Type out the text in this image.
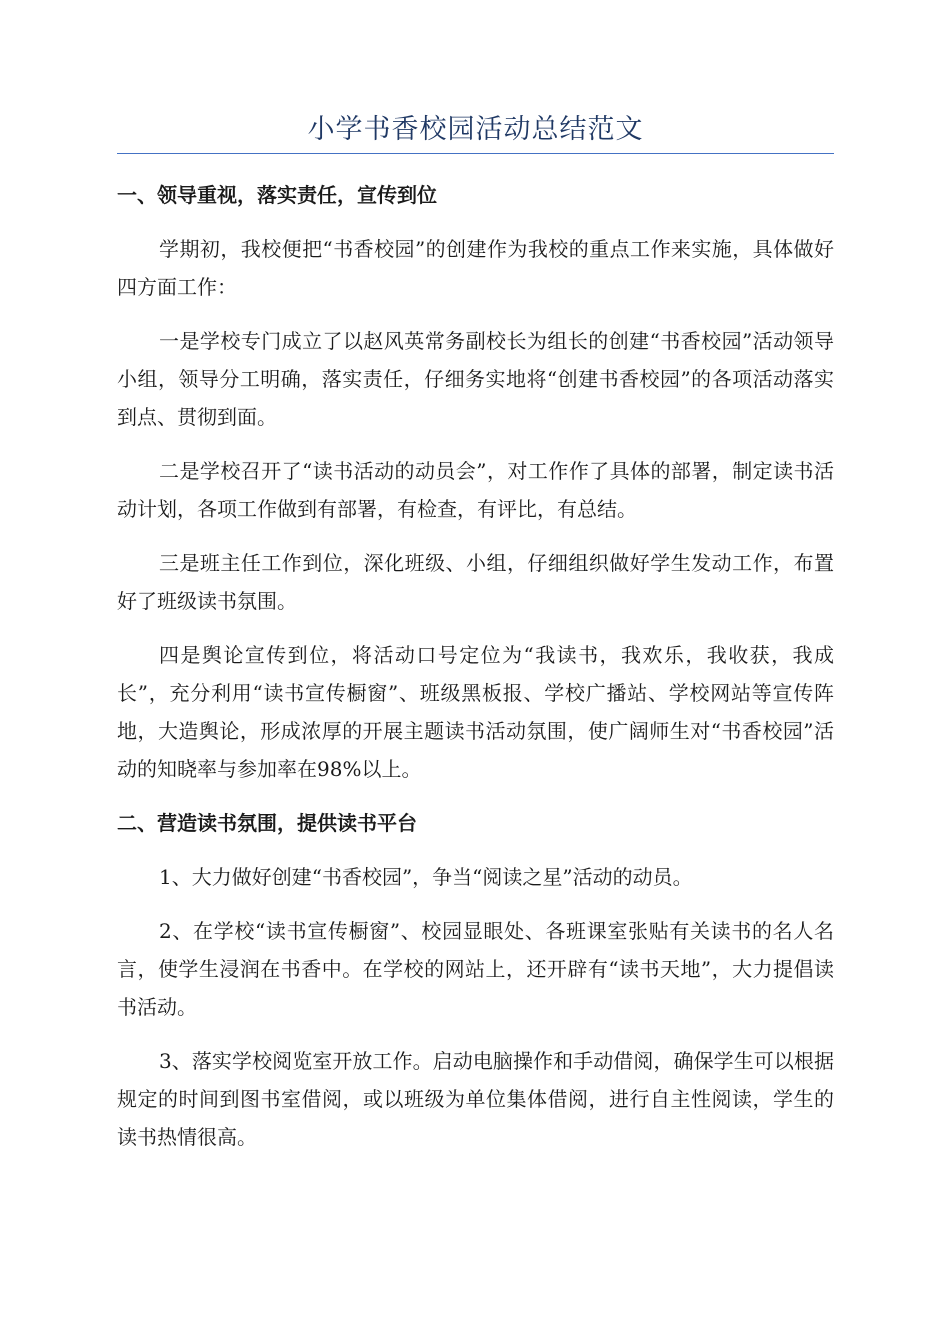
小学书香校园活动总结范文
一、领导重视，落实责任，宣传到位

学期初，我校便把“书香校园”的创建作为我校的重点工作来实施，具体做好四方面工作：

一是学校专门成立了以赵风英常务副校长为组长的创建“书香校园”活动领导小组，领导分工明确，落实责任，仔细务实地将“创建书香校园”的各项活动落实到点、贯彻到面。

二是学校召开了“读书活动的动员会”，对工作作了具体的部署，制定读书活动计划，各项工作做到有部署，有检查，有评比，有总结。

三是班主任工作到位，深化班级、小组，仔细组织做好学生发动工作，布置好了班级读书氛围。

四是舆论宣传到位，将活动口号定位为“我读书，我欢乐，我收获，我成长”，充分利用“读书宣传橱窗”、班级黑板报、学校广播站、学校网站等宣传阵地，大造舆论，形成浓厚的开展主题读书活动氛围，使广阔师生对“书香校园”活动的知晓率与参加率在98%以上。

二、营造读书氛围，提供读书平台

1、大力做好创建“书香校园”，争当“阅读之星”活动的动员。

2、在学校“读书宣传橱窗”、校园显眼处、各班课室张贴有关读书的名人名言，使学生浸润在书香中。在学校的网站上，还开辟有“读书天地”，大力提倡读书活动。

3、落实学校阅览室开放工作。启动电脑操作和手动借阅，确保学生可以根据规定的时间到图书室借阅，或以班级为单位集体借阅，进行自主性阅读，学生的读书热情很高。
